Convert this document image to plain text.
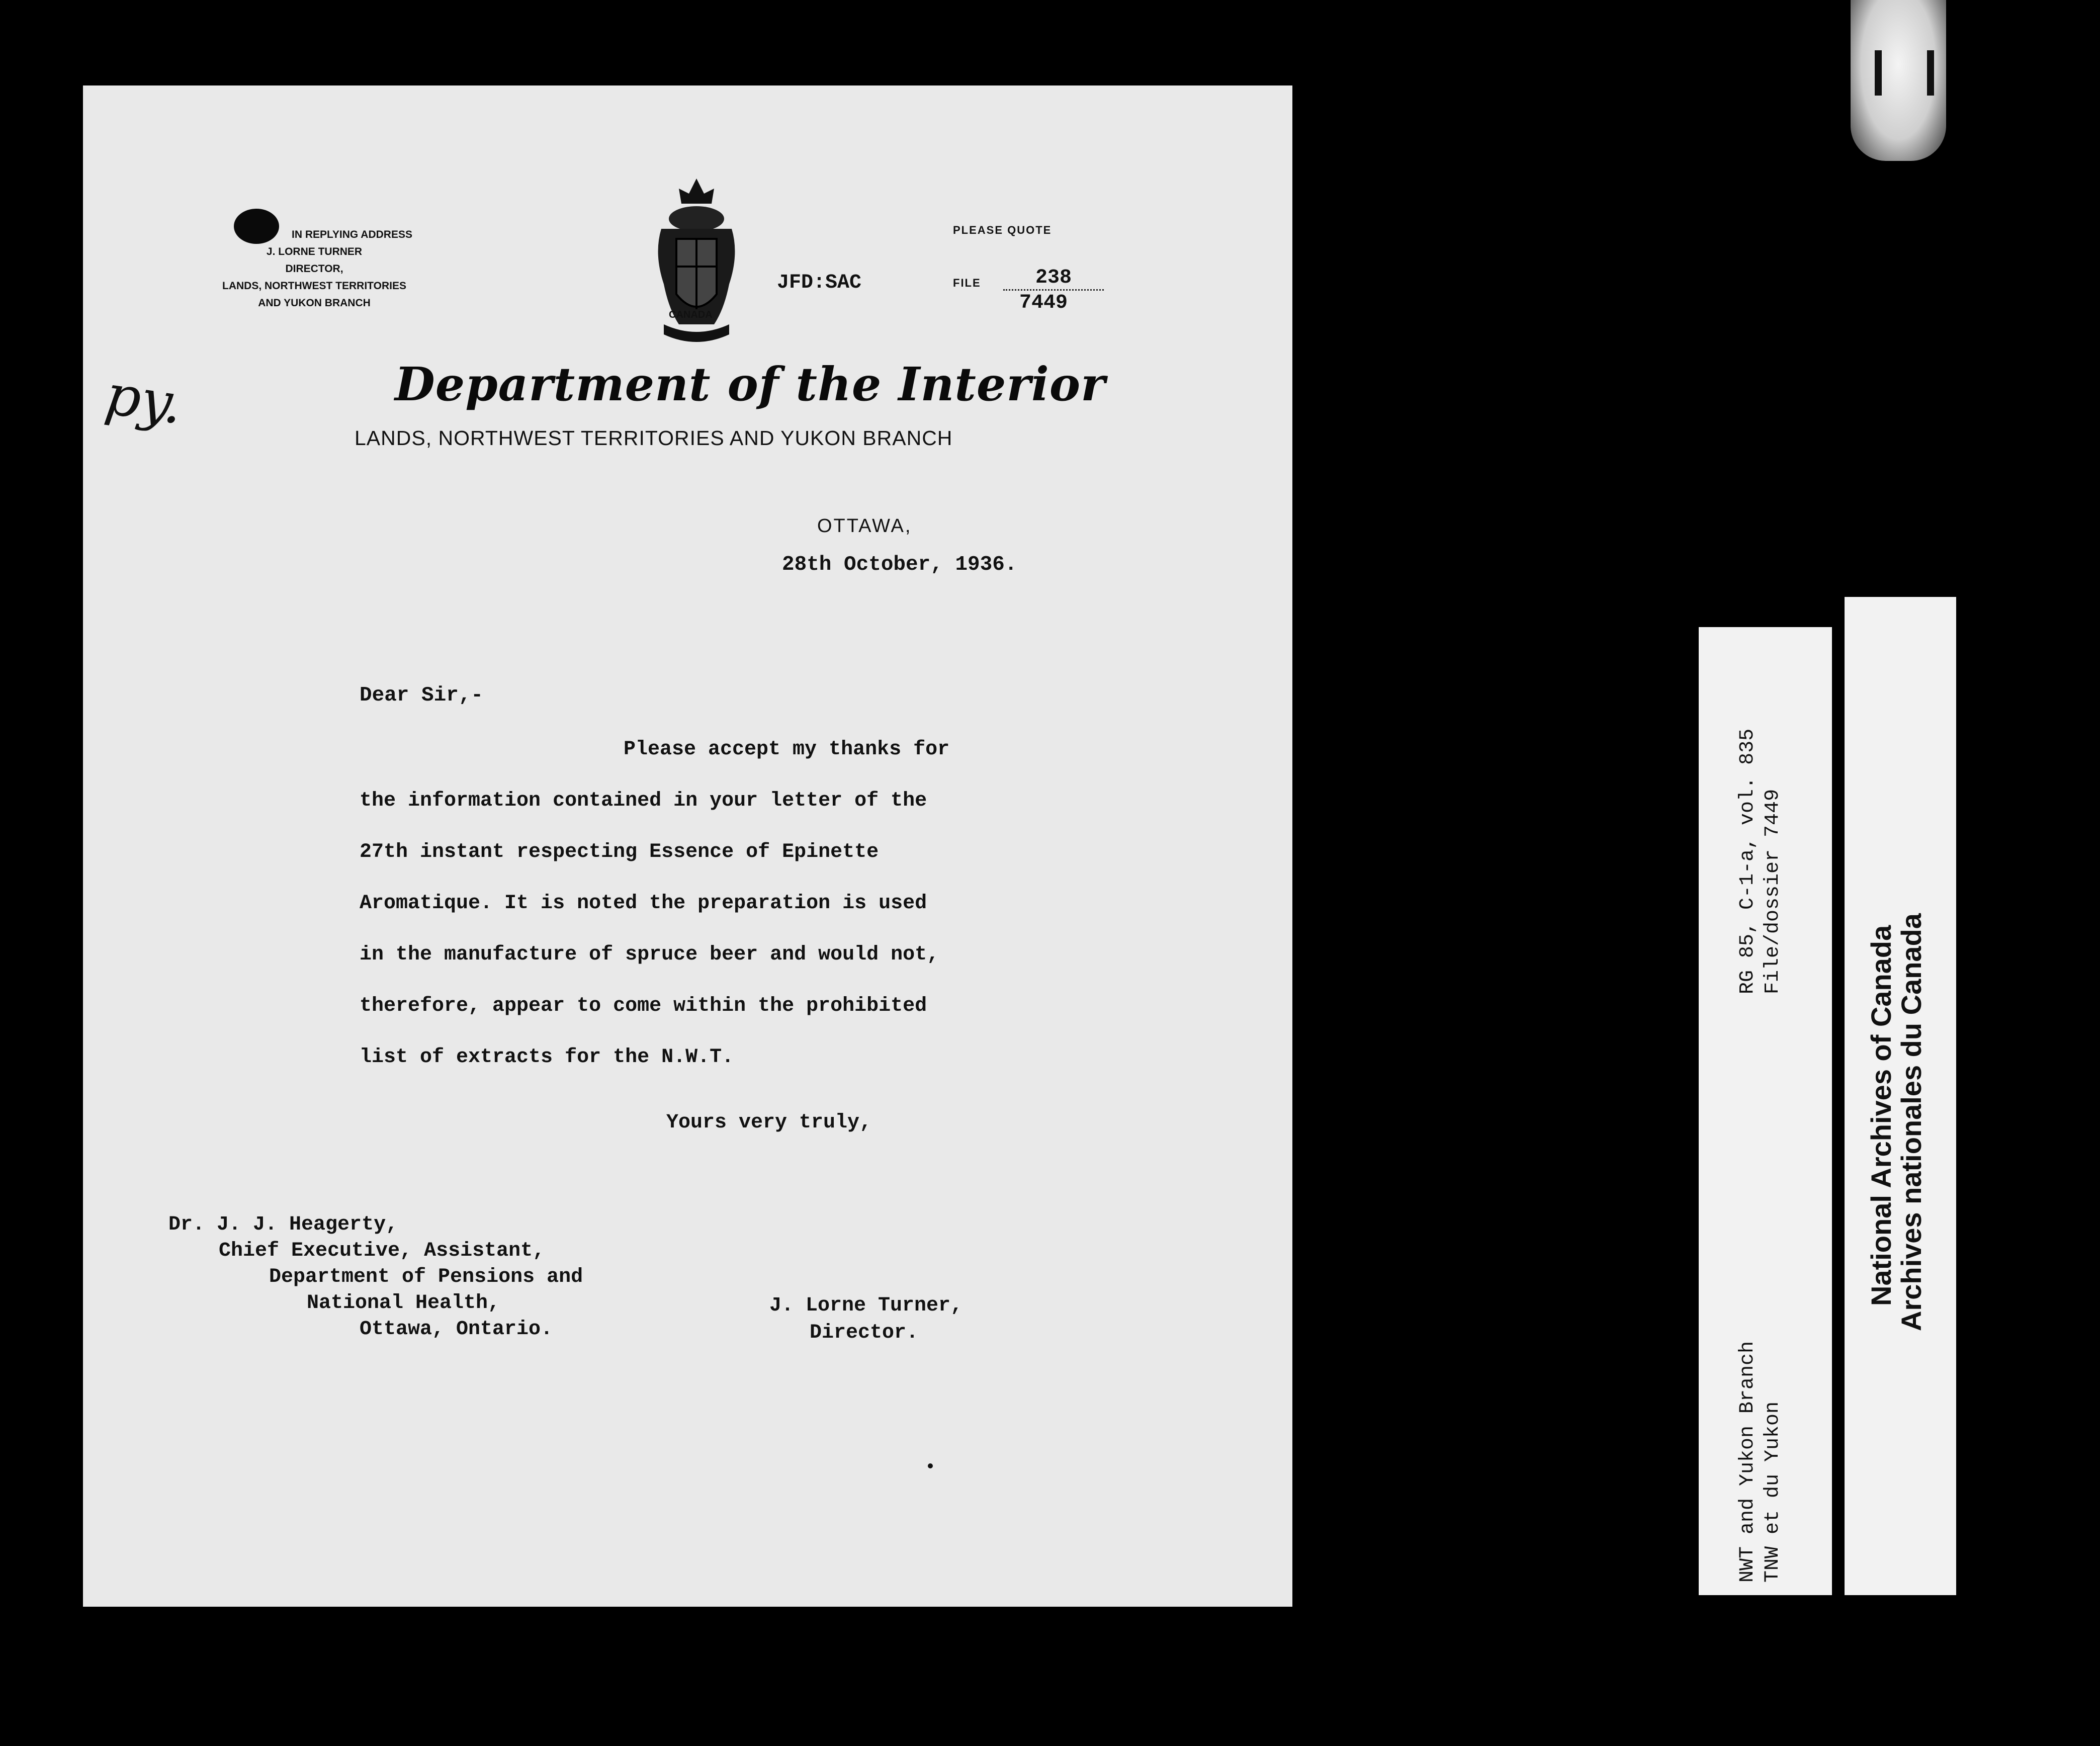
IN REPLYING ADDRESS
J. LORNE TURNER
DIRECTOR,
LANDS, NORTHWEST TERRITORIES
AND YUKON BRANCH
CANADA
JFD:SAC
PLEASE QUOTE
FILE	238
7449
py.	Department of the Interior
LANDS, NORTHWEST TERRITORIES AND YUKON BRANCH
OTTAWA,
28th October, 1936.
Dear Sir,-
Please accept my thanks for
the information contained in your letter of the
27th instant respecting Essence of Epinette
Aromatique. It is noted the preparation is used
in the manufacture of spruce beer and would not,
therefore, appear to come within the prohibited
list of extracts for the N.W.T.
Yours very truly,
Dr. J. J. Heagerty,
Chief Executive, Assistant,
Department of Pensions and
National Health,
Ottawa, Ontario.
J. Lorne Turner,
Director.
RG 85, C-1-a, vol. 835 File/dossier 7449
NWT and Yukon Branch TNW et du Yukon
National Archives of Canada
Archives nationales du Canada
